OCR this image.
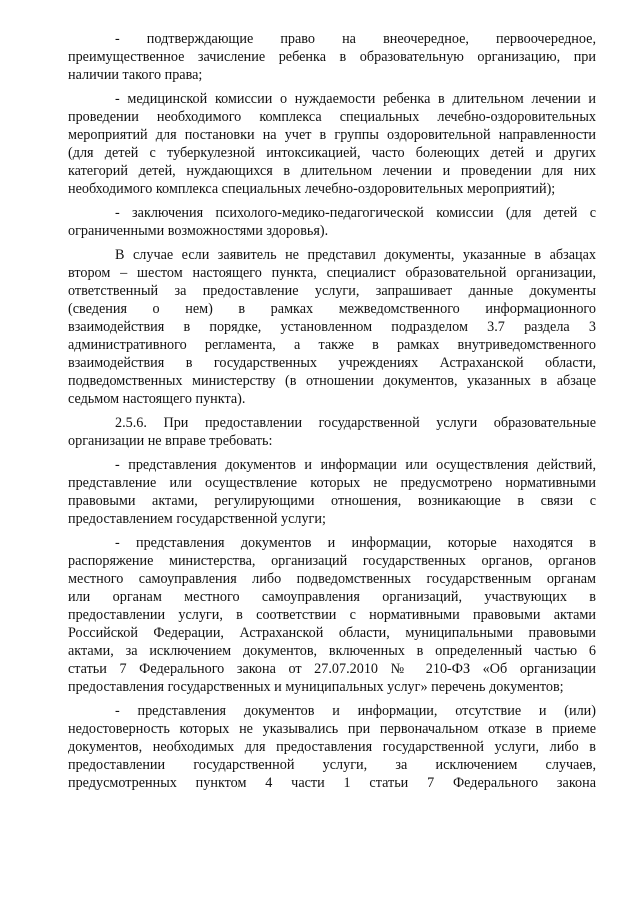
- подтверждающие право на внеочередное, первоочередное,
преимущественное зачисление ребенка в образовательную организацию, при
наличии такого права;
- медицинской комиссии о нуждаемости ребенка в длительном лечении и
проведении необходимого комплекса специальных лечебно-оздоровительных
мероприятий для постановки на учет в группы оздоровительной направленности
(для детей с туберкулезной интоксикацией, часто болеющих детей и других
категорий детей, нуждающихся в длительном лечении и проведении для них
необходимого комплекса специальных лечебно-оздоровительных мероприятий);
- заключения психолого-медико-педагогической комиссии (для детей с
ограниченными возможностями здоровья).
В случае если заявитель не представил документы, указанные в абзацах
втором – шестом настоящего пункта, специалист образовательной организации,
ответственный за предоставление услуги, запрашивает данные документы
(сведения о нем) в рамках межведомственного информационного
взаимодействия в порядке, установленном подразделом 3.7 раздела 3
административного регламента, а также в рамках внутриведомственного
взаимодействия в государственных учреждениях Астраханской области,
подведомственных министерству (в отношении документов, указанных в абзаце
седьмом настоящего пункта).
2.5.6. При предоставлении государственной услуги образовательные
организации не вправе требовать:
- представления документов и информации или осуществления действий,
представление или осуществление которых не предусмотрено нормативными
правовыми актами, регулирующими отношения, возникающие в связи с
предоставлением государственной услуги;
- представления документов и информации, которые находятся в
распоряжение министерства, организаций государственных органов, органов
местного самоуправления либо подведомственных государственным органам
или органам местного самоуправления организаций, участвующих в
предоставлении услуги, в соответствии с нормативными правовыми актами
Российской Федерации, Астраханской области, муниципальными правовыми
актами, за исключением документов, включенных в определенный частью 6
статьи 7 Федерального закона от 27.07.2010 № 210-ФЗ «Об организации
предоставления государственных и муниципальных услуг» перечень документов;
- представления документов и информации, отсутствие и (или)
недостоверность которых не указывались при первоначальном отказе в приеме
документов, необходимых для предоставления государственной услуги, либо в
предоставлении государственной услуги, за исключением случаев,
предусмотренных пунктом 4 части 1 статьи 7 Федерального закона
